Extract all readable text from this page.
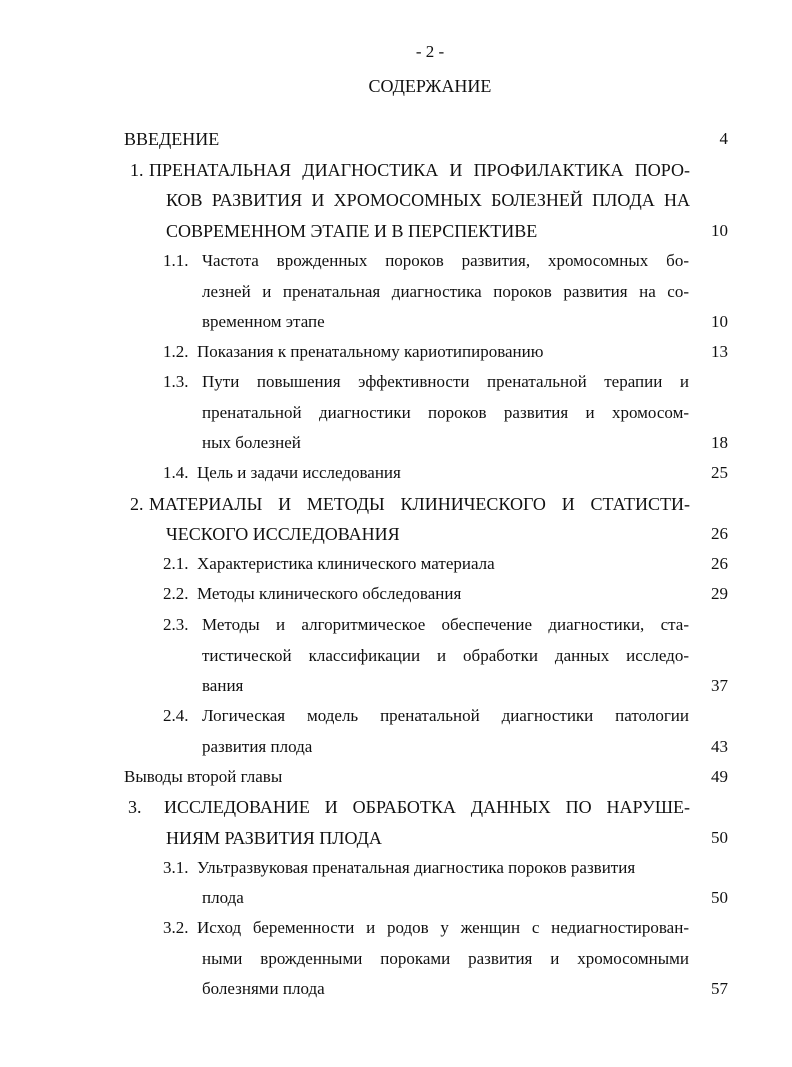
- 2 -
СОДЕРЖАНИЕ
ВВЕДЕНИЕ	4
1. ПРЕНАТАЛЬНАЯ ДИАГНОСТИКА И ПРОФИЛАКТИКА ПОРО-
КОВ РАЗВИТИЯ И ХРОМОСОМНЫХ БОЛЕЗНЕЙ ПЛОДА НА
СОВРЕМЕННОМ ЭТАПЕ И В ПЕРСПЕКТИВЕ	10
1.1. Частота врожденных пороков развития, хромосомных бо-
лезней и пренатальная диагностика пороков развития на со-
временном этапе	10
1.2. Показания к пренатальному кариотипированию	13
1.3. Пути повышения эффективности пренатальной терапии и
пренатальной диагностики пороков развития и хромосом-
ных болезней	18
1.4. Цель и задачи исследования	25
2. МАТЕРИАЛЫ И МЕТОДЫ КЛИНИЧЕСКОГО И СТАТИСТИ-
ЧЕСКОГО ИССЛЕДОВАНИЯ	26
2.1. Характеристика клинического материала	26
2.2. Методы клинического обследования	29
2.3. Методы и алгоритмическое обеспечение диагностики, ста-
тистической классификации и обработки данных исследо-
вания	37
2.4. Логическая модель пренатальной диагностики патологии
развития плода	43
Выводы второй главы	49
3. ИССЛЕДОВАНИЕ И ОБРАБОТКА ДАННЫХ ПО НАРУШЕ-
НИЯМ РАЗВИТИЯ ПЛОДА	50
3.1. Ультразвуковая пренатальная диагностика пороков развития
плода	50
3.2. Исход беременности и родов у женщин с недиагностирован-
ными врожденными пороками развития и хромосомными
болезнями плода	57
